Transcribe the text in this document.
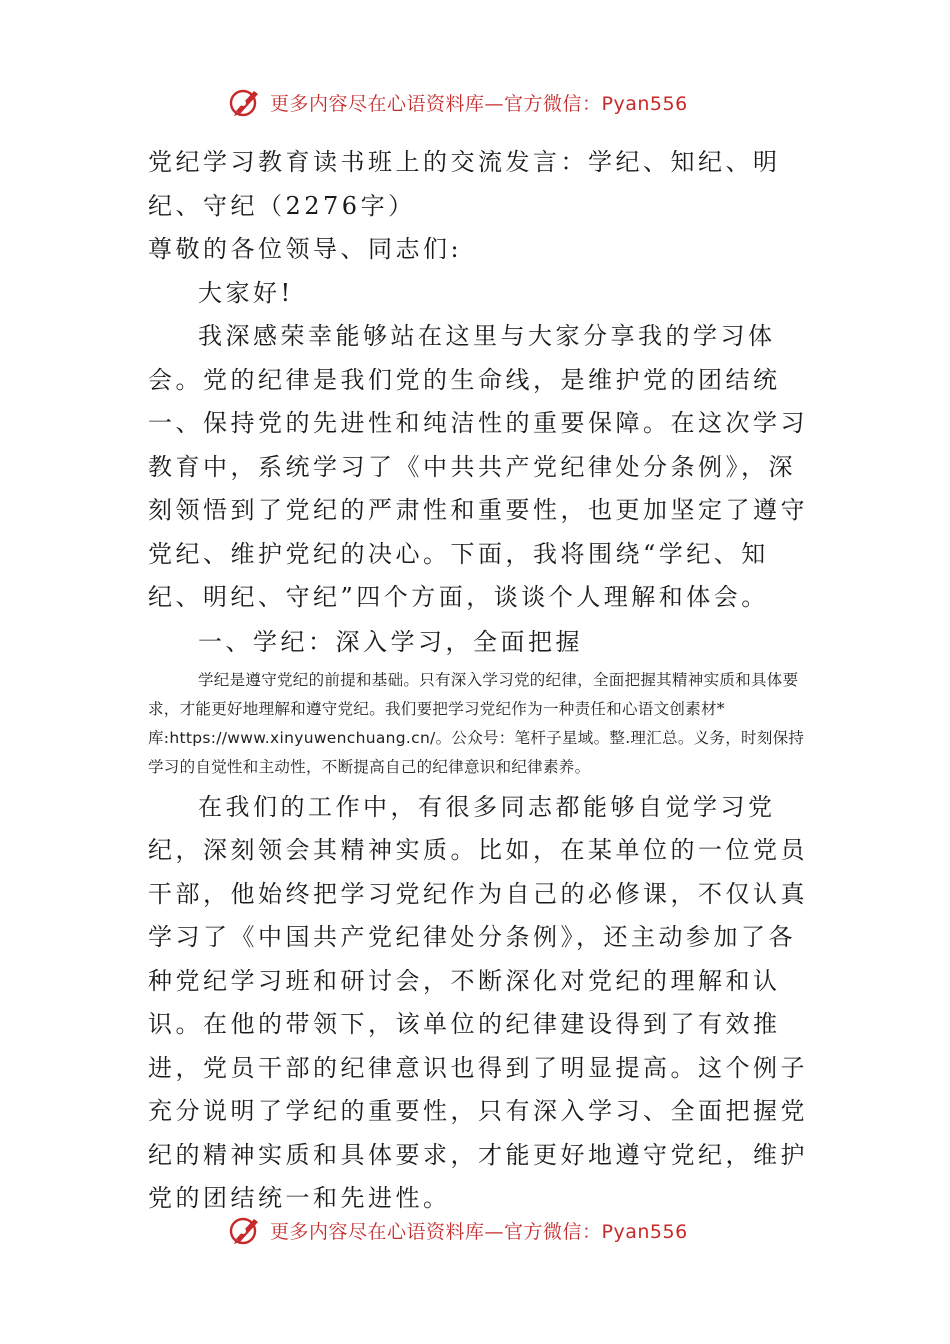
更多内容尽在心语资料库—官方微信：Pyan556

党纪学习教育读书班上的交流发言：学纪、知纪、明纪、守纪（2276字）

尊敬的各位领导、同志们:

大家好!

我深感荣幸能够站在这里与大家分享我的学习体会。党的纪律是我们党的生命线，是维护党的团结统一、保持党的先进性和纯洁性的重要保障。在这次学习教育中，系统学习了《中共共产党纪律处分条例》，深刻领悟到了党纪的严肃性和重要性，也更加坚定了遵守党纪、维护党纪的决心。下面，我将围绕“学纪、知纪、明纪、守纪”四个方面，谈谈个人理解和体会。

一、学纪：深入学习，全面把握

学纪是遵守党纪的前提和基础。只有深入学习党的纪律，全面把握其精神实质和具体要求，才能更好地理解和遵守党纪。我们要把学习党纪作为一种责任和心语文创素材*库:https://www.xinyuwenchuang.cn/。公众号：笔杆子星域。整.理汇总。义务，时刻保持学习的自觉性和主动性，不断提高自己的纪律意识和纪律素养。

在我们的工作中，有很多同志都能够自觉学习党纪，深刻领会其精神实质。比如，在某单位的一位党员干部，他始终把学习党纪作为自己的必修课，不仅认真学习了《中国共产党纪律处分条例》，还主动参加了各种党纪学习班和研讨会，不断深化对党纪的理解和认识。在他的带领下，该单位的纪律建设得到了有效推进，党员干部的纪律意识也得到了明显提高。这个例子充分说明了学纪的重要性，只有深入学习、全面把握党纪的精神实质和具体要求，才能更好地遵守党纪，维护党的团结统一和先进性。

更多内容尽在心语资料库—官方微信：Pyan556
